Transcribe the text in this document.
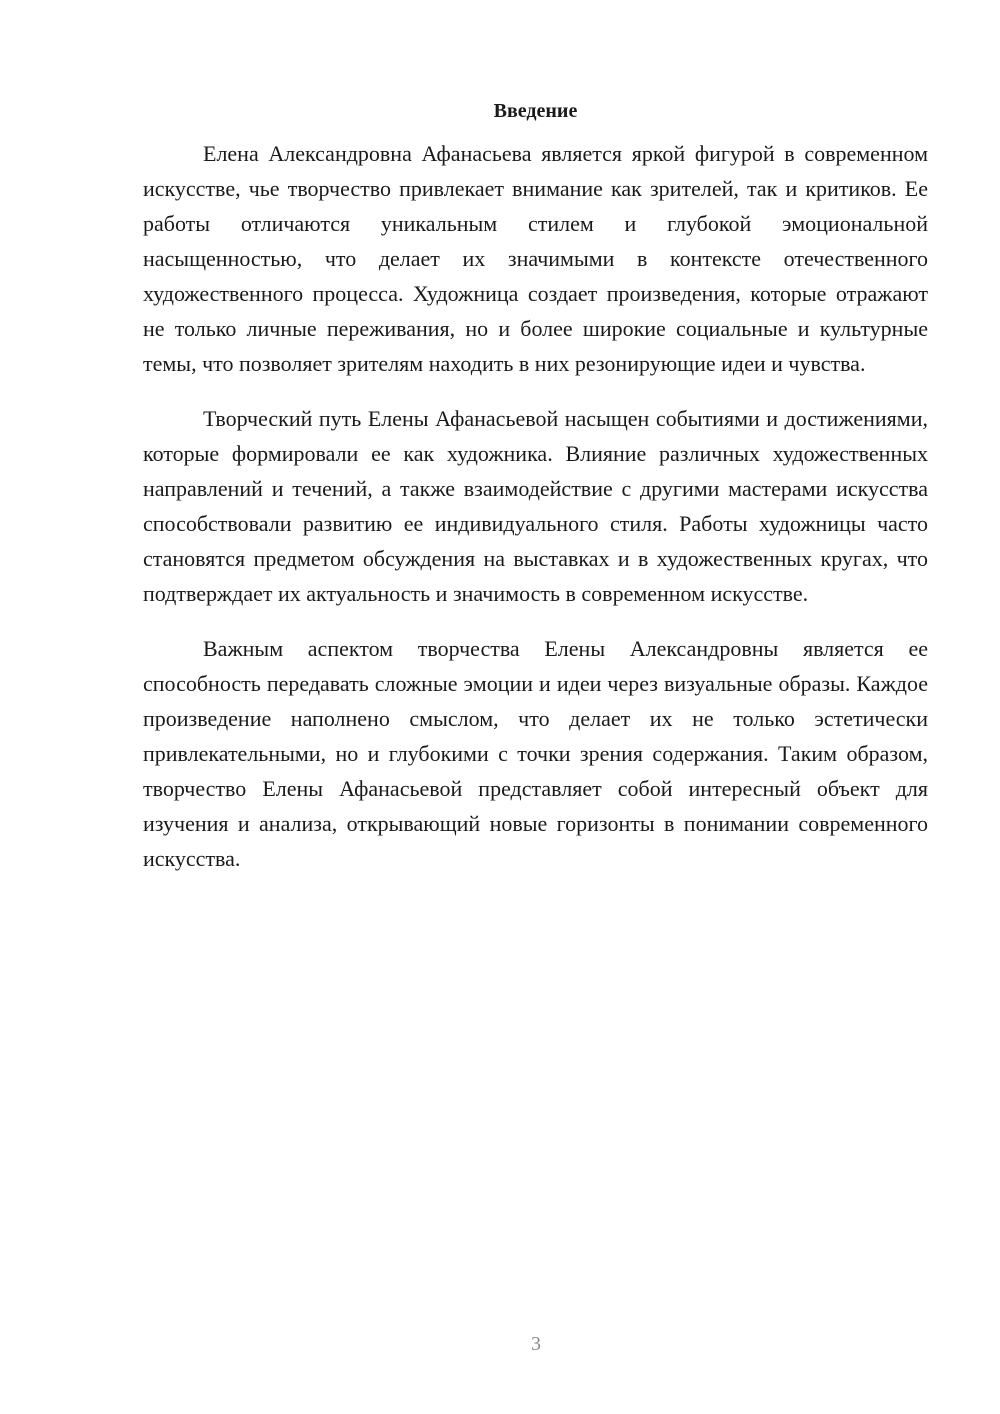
Введение

Елена Александровна Афанасьева является яркой фигурой в современном искусстве, чье творчество привлекает внимание как зрителей, так и критиков. Ее работы отличаются уникальным стилем и глубокой эмоциональной насыщенностью, что делает их значимыми в контексте отечественного художественного процесса. Художница создает произведения, которые отражают не только личные переживания, но и более широкие социальные и культурные темы, что позволяет зрителям находить в них резонирующие идеи и чувства.

Творческий путь Елены Афанасьевой насыщен событиями и достижениями, которые формировали ее как художника. Влияние различных художественных направлений и течений, а также взаимодействие с другими мастерами искусства способствовали развитию ее индивидуального стиля. Работы художницы часто становятся предметом обсуждения на выставках и в художественных кругах, что подтверждает их актуальность и значимость в современном искусстве.

Важным аспектом творчества Елены Александровны является ее способность передавать сложные эмоции и идеи через визуальные образы. Каждое произведение наполнено смыслом, что делает их не только эстетически привлекательными, но и глубокими с точки зрения содержания. Таким образом, творчество Елены Афанасьевой представляет собой интересный объект для изучения и анализа, открывающий новые горизонты в понимании современного искусства.

3
